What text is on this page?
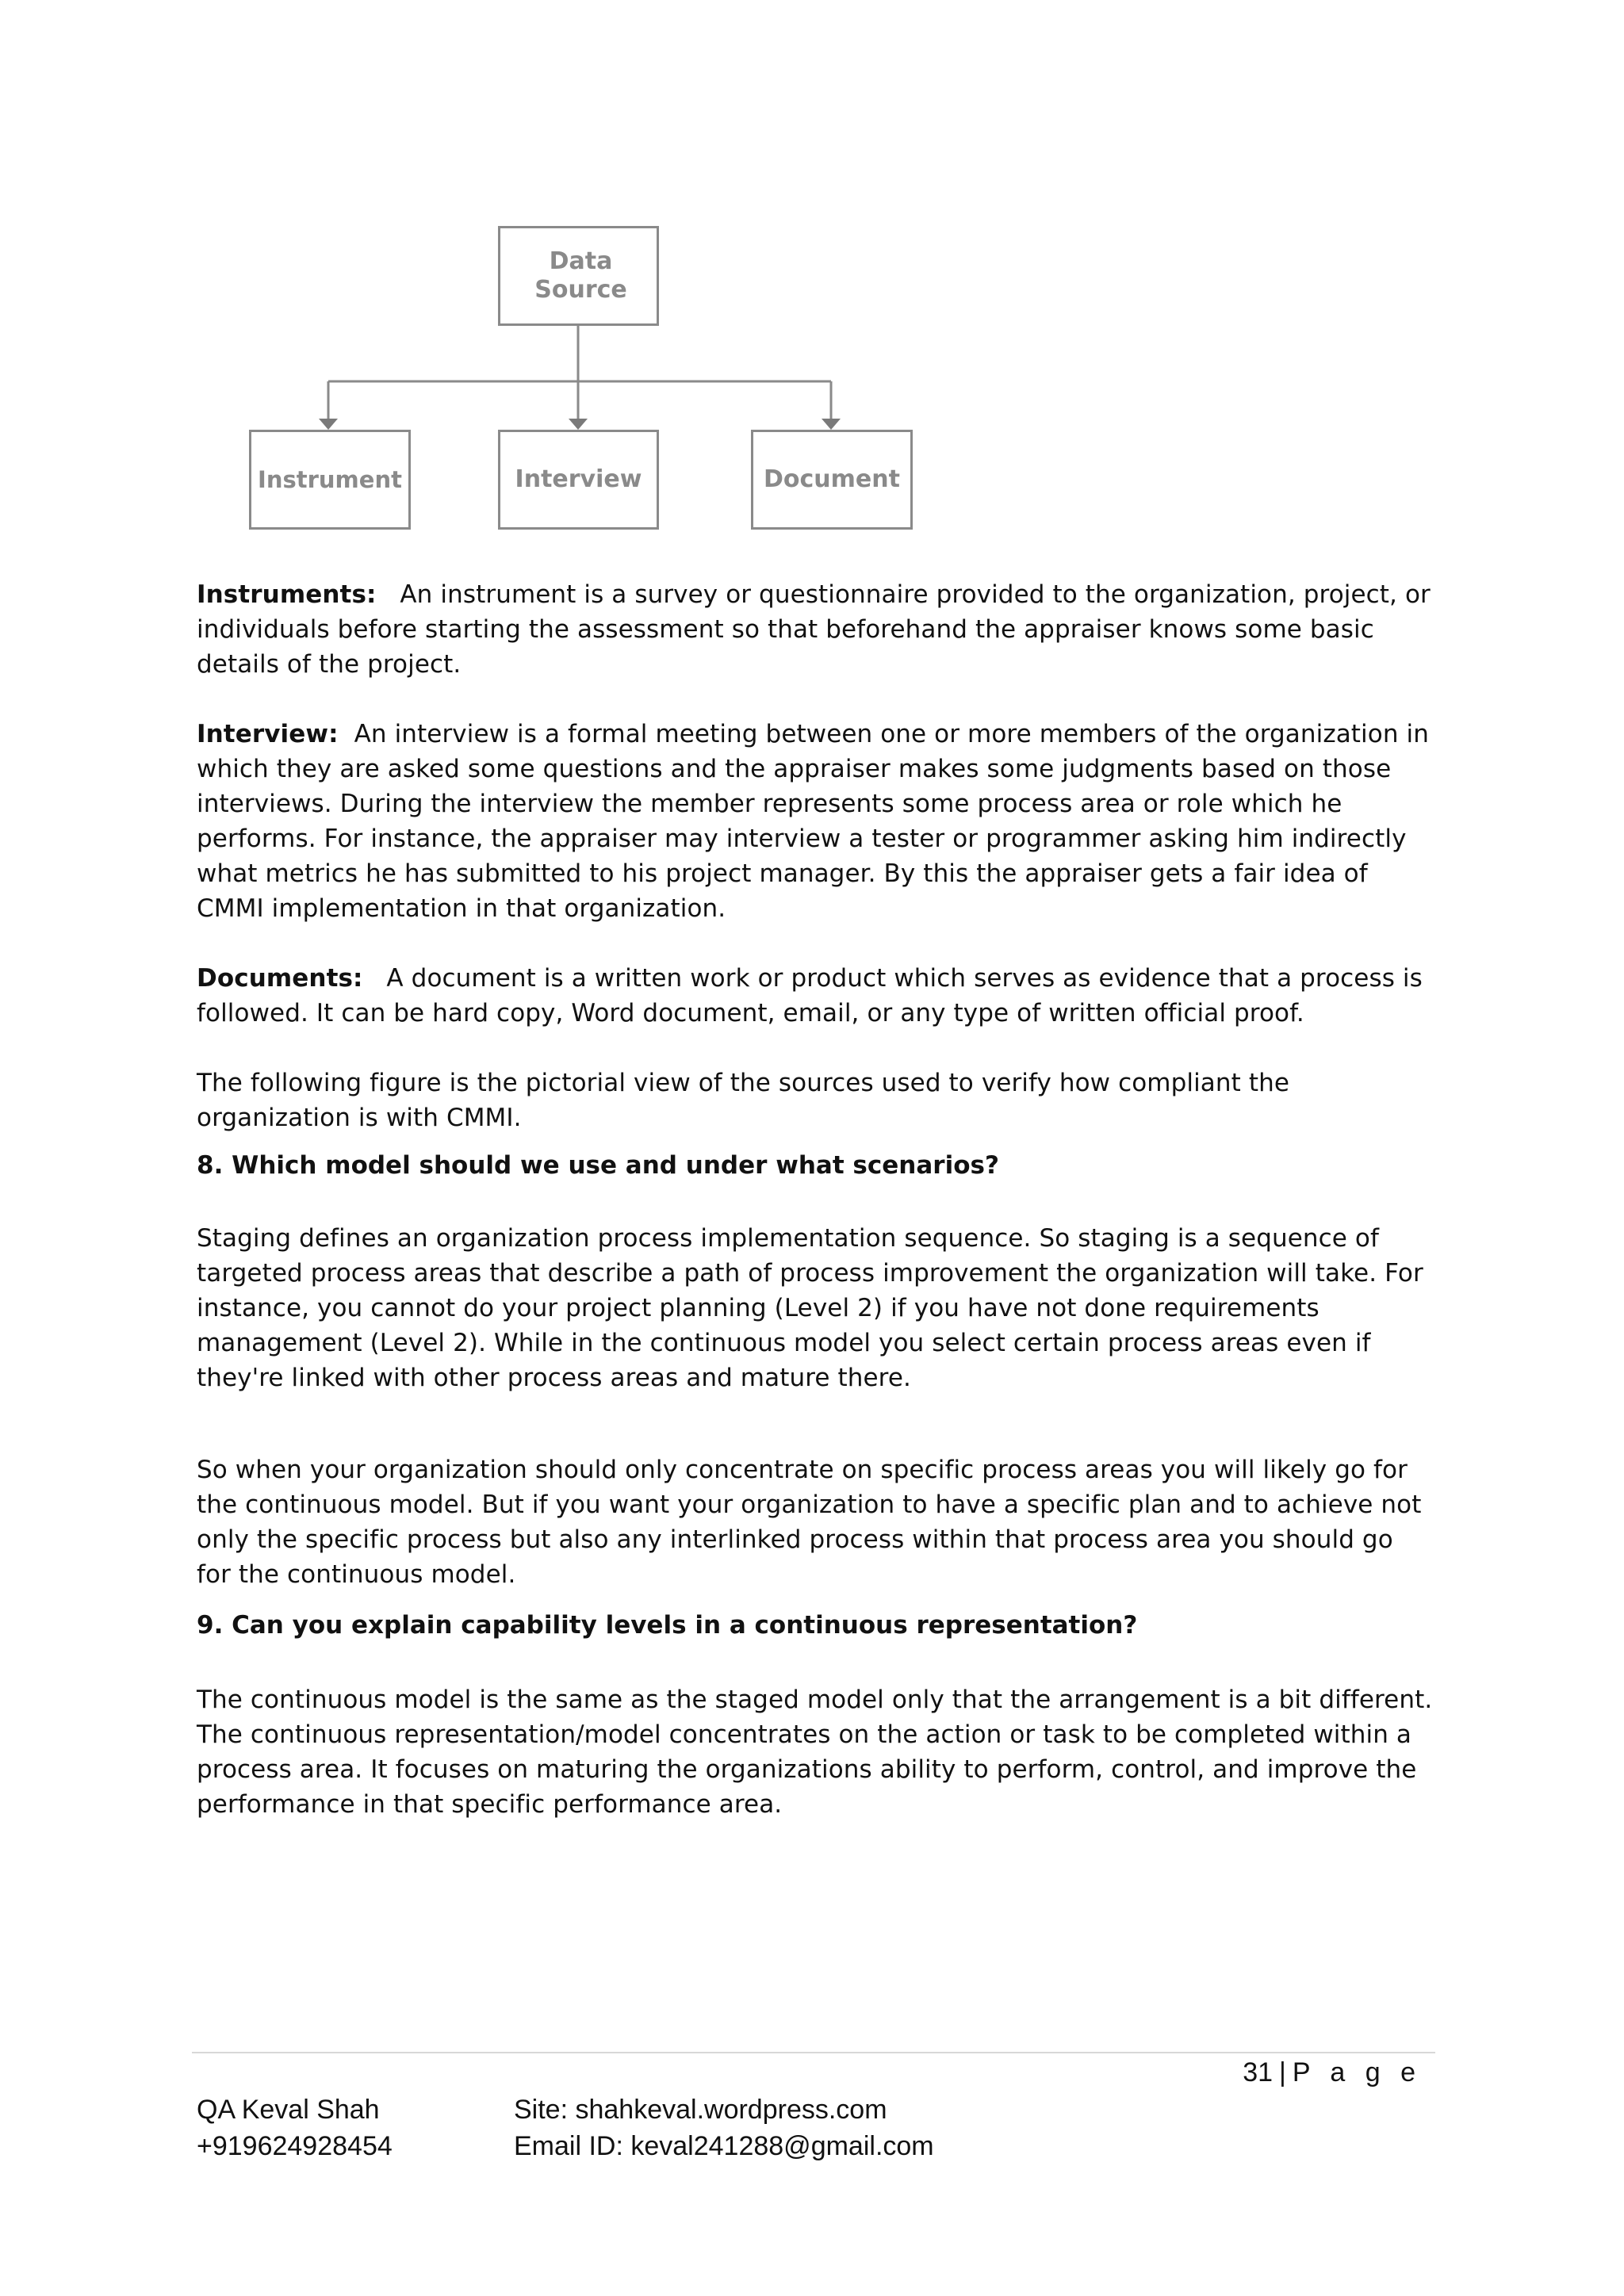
Data
Source
Instrument	Interview	Document

Instruments: An instrument is a survey or questionnaire provided to the organization, project, or individuals before starting the assessment so that beforehand the appraiser knows some basic details of the project.

Interview: An interview is a formal meeting between one or more members of the organization in which they are asked some questions and the appraiser makes some judgments based on those interviews. During the interview the member represents some process area or role which he performs. For instance, the appraiser may interview a tester or programmer asking him indirectly what metrics he has submitted to his project manager. By this the appraiser gets a fair idea of CMMI implementation in that organization.

Documents: A document is a written work or product which serves as evidence that a process is followed. It can be hard copy, Word document, email, or any type of written official proof.

The following figure is the pictorial view of the sources used to verify how compliant the organization is with CMMI.

8. Which model should we use and under what scenarios?

Staging defines an organization process implementation sequence. So staging is a sequence of targeted process areas that describe a path of process improvement the organization will take. For instance, you cannot do your project planning (Level 2) if you have not done requirements management (Level 2). While in the continuous model you select certain process areas even if they're linked with other process areas and mature there.

So when your organization should only concentrate on specific process areas you will likely go for the continuous model. But if you want your organization to have a specific plan and to achieve not only the specific process but also any interlinked process within that process area you should go for the continuous model.

9. Can you explain capability levels in a continuous representation?

The continuous model is the same as the staged model only that the arrangement is a bit different. The continuous representation/model concentrates on the action or task to be completed within a process area. It focuses on maturing the organizations ability to perform, control, and improve the performance in that specific performance area.

31 | P a g e
QA Keval Shah
+919624928454
Site: shahkeval.wordpress.com
Email ID: keval241288@gmail.com
